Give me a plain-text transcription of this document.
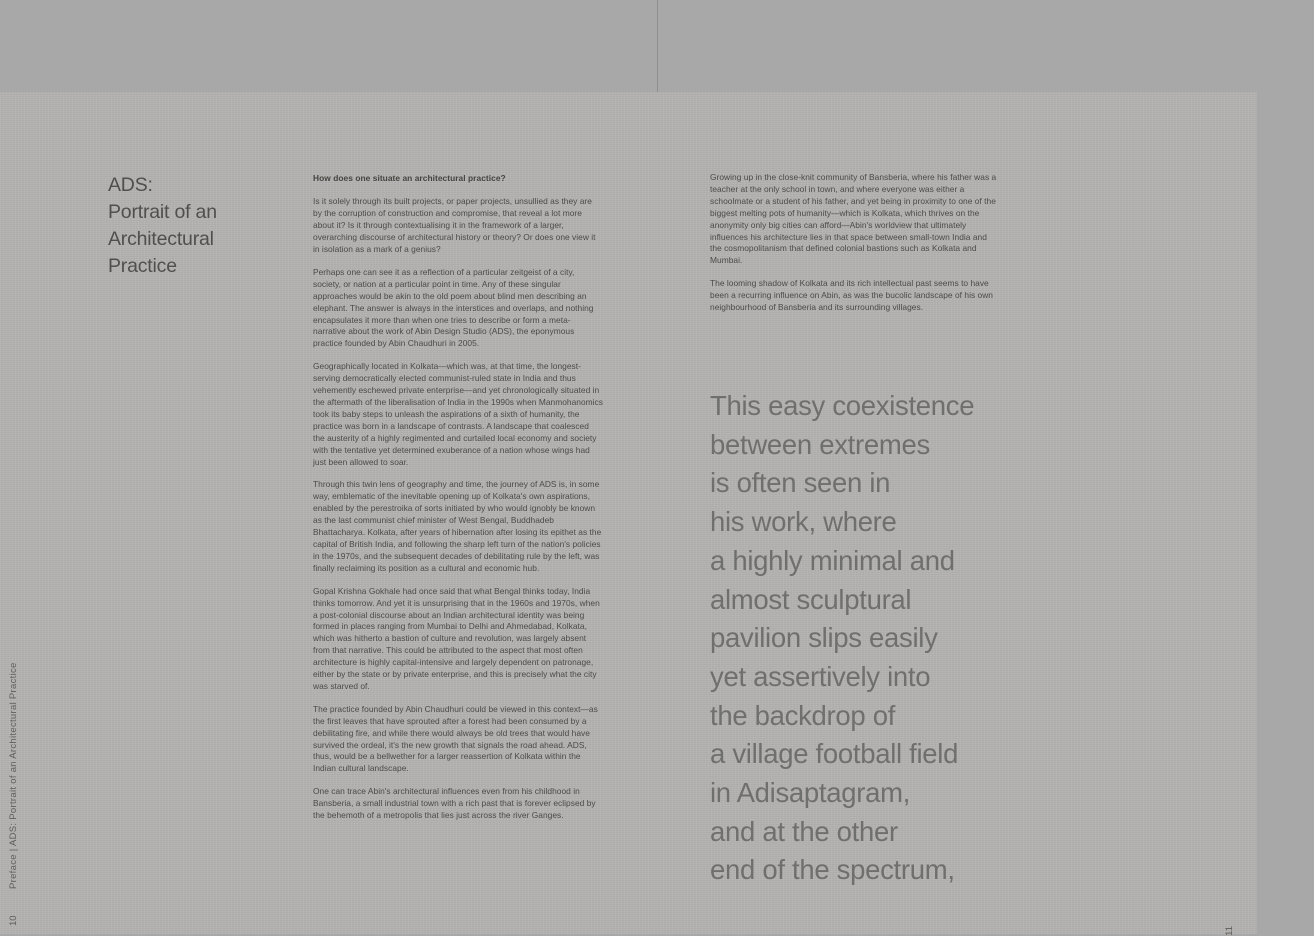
Preface | ADS: Portrait of an Architectural Practice
10
ADS:
Portrait of an
Architectural
Practice

How does one situate an architectural practice?

Is it solely through its built projects, or paper projects, unsullied as they are by the corruption of construction and compromise, that reveal a lot more about it? Is it through contextualising it in the framework of a larger, overarching discourse of architectural history or theory? Or does one view it in isolation as a mark of a genius?

Perhaps one can see it as a reflection of a particular zeitgeist of a city, society, or nation at a particular point in time. Any of these singular approaches would be akin to the old poem about blind men describing an elephant. The answer is always in the interstices and overlaps, and nothing encapsulates it more than when one tries to describe or form a meta-narrative about the work of Abin Design Studio (ADS), the eponymous practice founded by Abin Chaudhuri in 2005.

Geographically located in Kolkata—which was, at that time, the longest-serving democratically elected communist-ruled state in India and thus vehemently eschewed private enterprise—and yet chronologically situated in the aftermath of the liberalisation of India in the 1990s when Manmohanomics took its baby steps to unleash the aspirations of a sixth of humanity, the practice was born in a landscape of contrasts. A landscape that coalesced the austerity of a highly regimented and curtailed local economy and society with the tentative yet determined exuberance of a nation whose wings had just been allowed to soar.

Through this twin lens of geography and time, the journey of ADS is, in some way, emblematic of the inevitable opening up of Kolkata's own aspirations, enabled by the perestroika of sorts initiated by who would ignobly be known as the last communist chief minister of West Bengal, Buddhadeb Bhattacharya. Kolkata, after years of hibernation after losing its epithet as the capital of British India, and following the sharp left turn of the nation's policies in the 1970s, and the subsequent decades of debilitating rule by the left, was finally reclaiming its position as a cultural and economic hub.

Gopal Krishna Gokhale had once said that what Bengal thinks today, India thinks tomorrow. And yet it is unsurprising that in the 1960s and 1970s, when a post-colonial discourse about an Indian architectural identity was being formed in places ranging from Mumbai to Delhi and Ahmedabad, Kolkata, which was hitherto a bastion of culture and revolution, was largely absent from that narrative. This could be attributed to the aspect that most often architecture is highly capital-intensive and largely dependent on patronage, either by the state or by private enterprise, and this is precisely what the city was starved of.

The practice founded by Abin Chaudhuri could be viewed in this context—as the first leaves that have sprouted after a forest had been consumed by a debilitating fire, and while there would always be old trees that would have survived the ordeal, it's the new growth that signals the road ahead. ADS, thus, would be a bellwether for a larger reassertion of Kolkata within the Indian cultural landscape.

One can trace Abin's architectural influences even from his childhood in Bansberia, a small industrial town with a rich past that is forever eclipsed by the behemoth of a metropolis that lies just across the river Ganges.

11

Growing up in the close-knit community of Bansberia, where his father was a teacher at the only school in town, and where everyone was either a schoolmate or a student of his father, and yet being in proximity to one of the biggest melting pots of humanity—which is Kolkata, which thrives on the anonymity only big cities can afford—Abin's worldview that ultimately influences his architecture lies in that space between small-town India and the cosmopolitanism that defined colonial bastions such as Kolkata and Mumbai.

The looming shadow of Kolkata and its rich intellectual past seems to have been a recurring influence on Abin, as was the bucolic landscape of his own neighbourhood of Bansberia and its surrounding villages.

This easy coexistence
between extremes
is often seen in
his work, where
a highly minimal and
almost sculptural
pavilion slips easily
yet assertively into
the backdrop of
a village football field
in Adisaptagram,
and at the other
end of the spectrum,
